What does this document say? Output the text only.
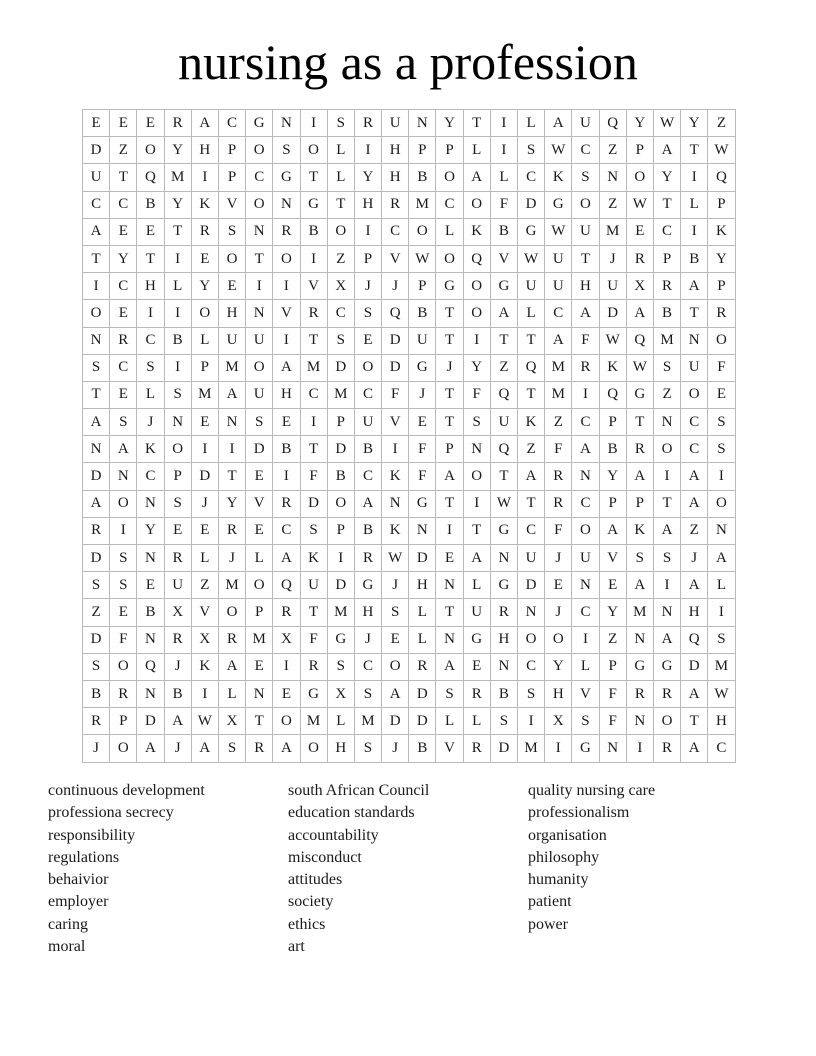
nursing as a profession
E	E	E	R	A	C	G	N	I	S	R	U	N	Y	T	I	L	A	U	Q	Y	W	Y	Z
D	Z	O	Y	H	P	O	S	O	L	I	H	P	P	L	I	S	W	C	Z	P	A	T	W
U	T	Q	M	I	P	C	G	T	L	Y	H	B	O	A	L	C	K	S	N	O	Y	I	Q
C	C	B	Y	K	V	O	N	G	T	H	R	M	C	O	F	D	G	O	Z	W	T	L	P
A	E	E	T	R	S	N	R	B	O	I	C	O	L	K	B	G	W	U	M	E	C	I	K
T	Y	T	I	E	O	T	O	I	Z	P	V	W	O	Q	V	W	U	T	J	R	P	B	Y
I	C	H	L	Y	E	I	I	V	X	J	J	P	G	O	G	U	U	H	U	X	R	A	P
O	E	I	I	O	H	N	V	R	C	S	Q	B	T	O	A	L	C	A	D	A	B	T	R
N	R	C	B	L	U	U	I	T	S	E	D	U	T	I	T	T	A	F	W	Q	M	N	O
S	C	S	I	P	M	O	A	M	D	O	D	G	J	Y	Z	Q	M	R	K	W	S	U	F
T	E	L	S	M	A	U	H	C	M	C	F	J	T	F	Q	T	M	I	Q	G	Z	O	E
A	S	J	N	E	N	S	E	I	P	U	V	E	T	S	U	K	Z	C	P	T	N	C	S
N	A	K	O	I	I	D	B	T	D	B	I	F	P	N	Q	Z	F	A	B	R	O	C	S
D	N	C	P	D	T	E	I	F	B	C	K	F	A	O	T	A	R	N	Y	A	I	A	I
A	O	N	S	J	Y	V	R	D	O	A	N	G	T	I	W	T	R	C	P	P	T	A	O
R	I	Y	E	E	R	E	C	S	P	B	K	N	I	T	G	C	F	O	A	K	A	Z	N
D	S	N	R	L	J	L	A	K	I	R	W	D	E	A	N	U	J	U	V	S	S	J	A
S	S	E	U	Z	M	O	Q	U	D	G	J	H	N	L	G	D	E	N	E	A	I	A	L
Z	E	B	X	V	O	P	R	T	M	H	S	L	T	U	R	N	J	C	Y	M	N	H	I
D	F	N	R	X	R	M	X	F	G	J	E	L	N	G	H	O	O	I	Z	N	A	Q	S
S	O	Q	J	K	A	E	I	R	S	C	O	R	A	E	N	C	Y	L	P	G	G	D	M
B	R	N	B	I	L	N	E	G	X	S	A	D	S	R	B	S	H	V	F	R	R	A	W
R	P	D	A	W	X	T	O	M	L	M	D	D	L	L	S	I	X	S	F	N	O	T	H
J	O	A	J	A	S	R	A	O	H	S	J	B	V	R	D	M	I	G	N	I	R	A	C
continuous development
professiona secrecy
responsibility
regulations
behaivior
employer
caring
moral
south African Council
education standards
accountability
misconduct
attitudes
society
ethics
art
quality nursing care
professionalism
organisation
philosophy
humanity
patient
power
